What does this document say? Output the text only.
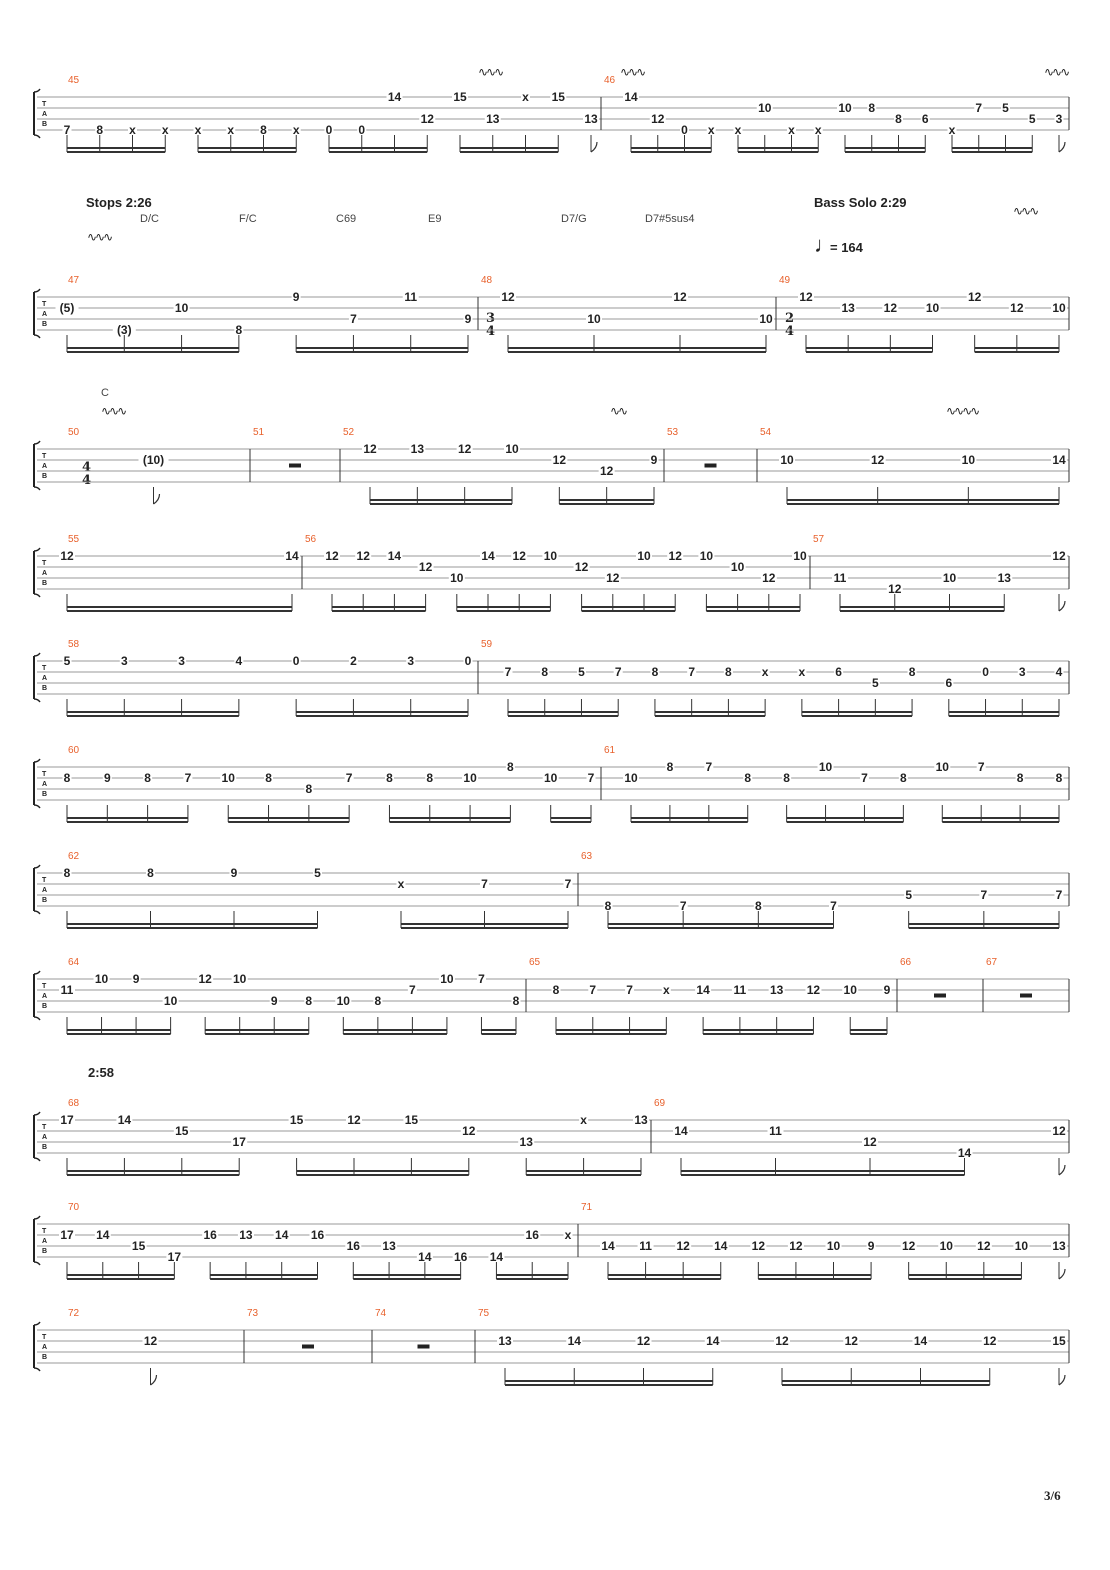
Stops 2:26	Bass Solo 2:29
2:58
D/C	F/C	C69	E9	D7/G	D7#5sus4
C
♩
= 164
∿∿∿	∿∿∿	∿∿∿
∿∿∿
∿∿∿
∿∿∿	∿∿	∿∿∿∿
3
4
2
4
4
4
T
A
B
45
7 8 x x x x 8 x 0 0
14
12
15
13
x 15
13
46
14
12
0 x x
10
x x
10 8
8 6
x
7 5
5 3
T
A
B
47
(5)
(3)
10
8
9
7
11
9
48
12
10
12
10
49
12
13 12 10
12
12 10
T
A
B
50
(10)
51	52
12	13	12	10
12
12
9
53	54
10	12	10	14
T
A
B
55
12	14
56
12 12 14
12
10
14 12 10
12
12
10 12 10
10
12
10
57
11
12
10	13
12
T
A
B
58
5	3	3	4	0	2	3	0
59
7	8	5	7	8	7	8	x	x	6
5
8
6
0	3	4
T
A
B
60
8	9	8	7	10	8
8
7	8	8	10
8
10	7
61
10
8	7
8	8
10
7	8
10 7
8	8
T
A
B
62
8	8	9	5
x	7	7
63
8	7	8	7
5	7	7
T
A
B
64
11
10 9
10
12 10
9 8 10 8
7
10 7
8
65
8	7	7	x 14 11 13 12 10 9
66	67
T
A
B
68
17	14
15
17
15	12	15
12
13
x	13
69
14	11
12
14
12
T
A
B
70
17 14
15
17
16 13 14 16
16 13
14 16 14
16 x
71
14 11 12 14 12 12 10 9 12 10 12 10 13
T
A
B
72
12
73	74	75
13	14	12	14	12	12	14	12	15
3/6
